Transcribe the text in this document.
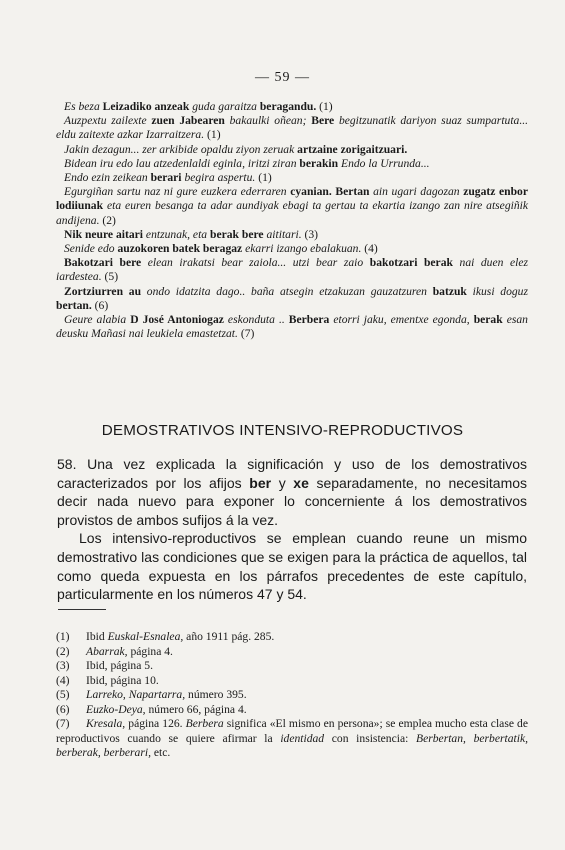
— 59 —

Es beza Leizadiko anzeak guda garaitza beragandu. (1)

Auzpextu zailexte zuen Jabearen bakaulki oñean; Bere begitzunatik dariyon suaz sumpartuta... eldu zaitexte azkar Izarraitzera. (1)

Jakin dezagun... zer arkibide opaldu ziyon zeruak artzaine zorigaitzuari.

Bidean iru edo lau atzedenlaldi eginla, iritzi ziran berakin Endo la Urrunda...

Endo ezin zeikean berari begira aspertu. (1)

Egurgiñan sartu naz ni gure euzkera ederraren cyanian. Bertan ain ugari dagozan zugatz enbor lodiiunak eta euren besanga ta adar aundiyak ebagi ta gertau ta ekartia izango zan nire atsegiñik andijena. (2)

Nik neure aitari entzunak, eta berak bere aititari. (3)

Senide edo auzokoren batek beragaz ekarri izango ebalakuan. (4)

Bakotzari bere elean irakatsi bear zaiola... utzi bear zaio bakotzari berak nai duen elez iardestea. (5)

Zortziurren au ondo idatzita dago.. baña atsegin etzakuzan gauzatzuren batzuk ikusi doguz bertan. (6)

Geure alabia D José Antoniogaz eskonduta .. Berbera etorri jaku, ementxe egonda, berak esan deusku Mañasi nai leukiela emastetzat. (7)

DEMOSTRATIVOS INTENSIVO-REPRODUCTIVOS

58. Una vez explicada la significación y uso de los demostrativos caracterizados por los afijos ber y xe separadamente, no necesitamos decir nada nuevo para exponer lo concerniente á los demostrativos provistos de ambos sufijos á la vez.

Los intensivo-reproductivos se emplean cuando reune un mismo demostrativo las condiciones que se exigen para la práctica de aquellos, tal como queda expuesta en los párrafos precedentes de este capítulo, particularmente en los números 47 y 54.

(1)	Ibid Euskal-Esnalea, año 1911 pág. 285.
(2)	Abarrak, página 4.
(3)	Ibid, página 5.
(4)	Ibid, página 10.
(5)	Larreko, Napartarra, número 395.
(6)	Euzko-Deya, número 66, página 4.
(7) Kresala, página 126. Berbera significa «El mismo en persona»; se emplea mucho esta clase de reproductivos cuando se quiere afirmar la identidad con insistencia: Berbertan, berbertatik, berberak, berberari, etc.
